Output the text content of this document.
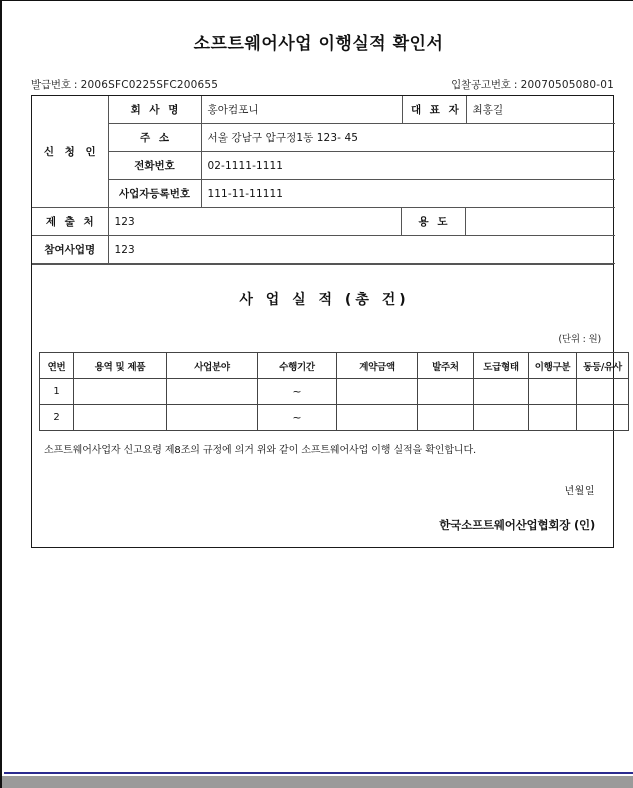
소프트웨어사업 이행실적 확인서
발급번호 : 2006SFC0225SFC200655	입찰공고번호 : 20070505080-01
신 청 인	회 사 명	홍아컴포니	대 표 자	최홍길
	주 소	서울 강남구 압구정1동 123- 45		
	전화번호	02-1111-1111		
	사업자등록번호	111-11-11111		
제 출 처	123	용 도	
참여사업명	123		
사 업 실 적 (총 건)
(단위 : 원)
연번	용역 및 제품	사업분야	수행기간	계약금액	발주처	도급형태	이행구분	동등/유사
1			~					
2			~					
소프트웨어사업자 신고요령 제8조의 규정에 의거 위와 같이 소프트웨어사업 이행 실적을 확인합니다.
년월일
한국소프트웨어산업협회장 (인)
